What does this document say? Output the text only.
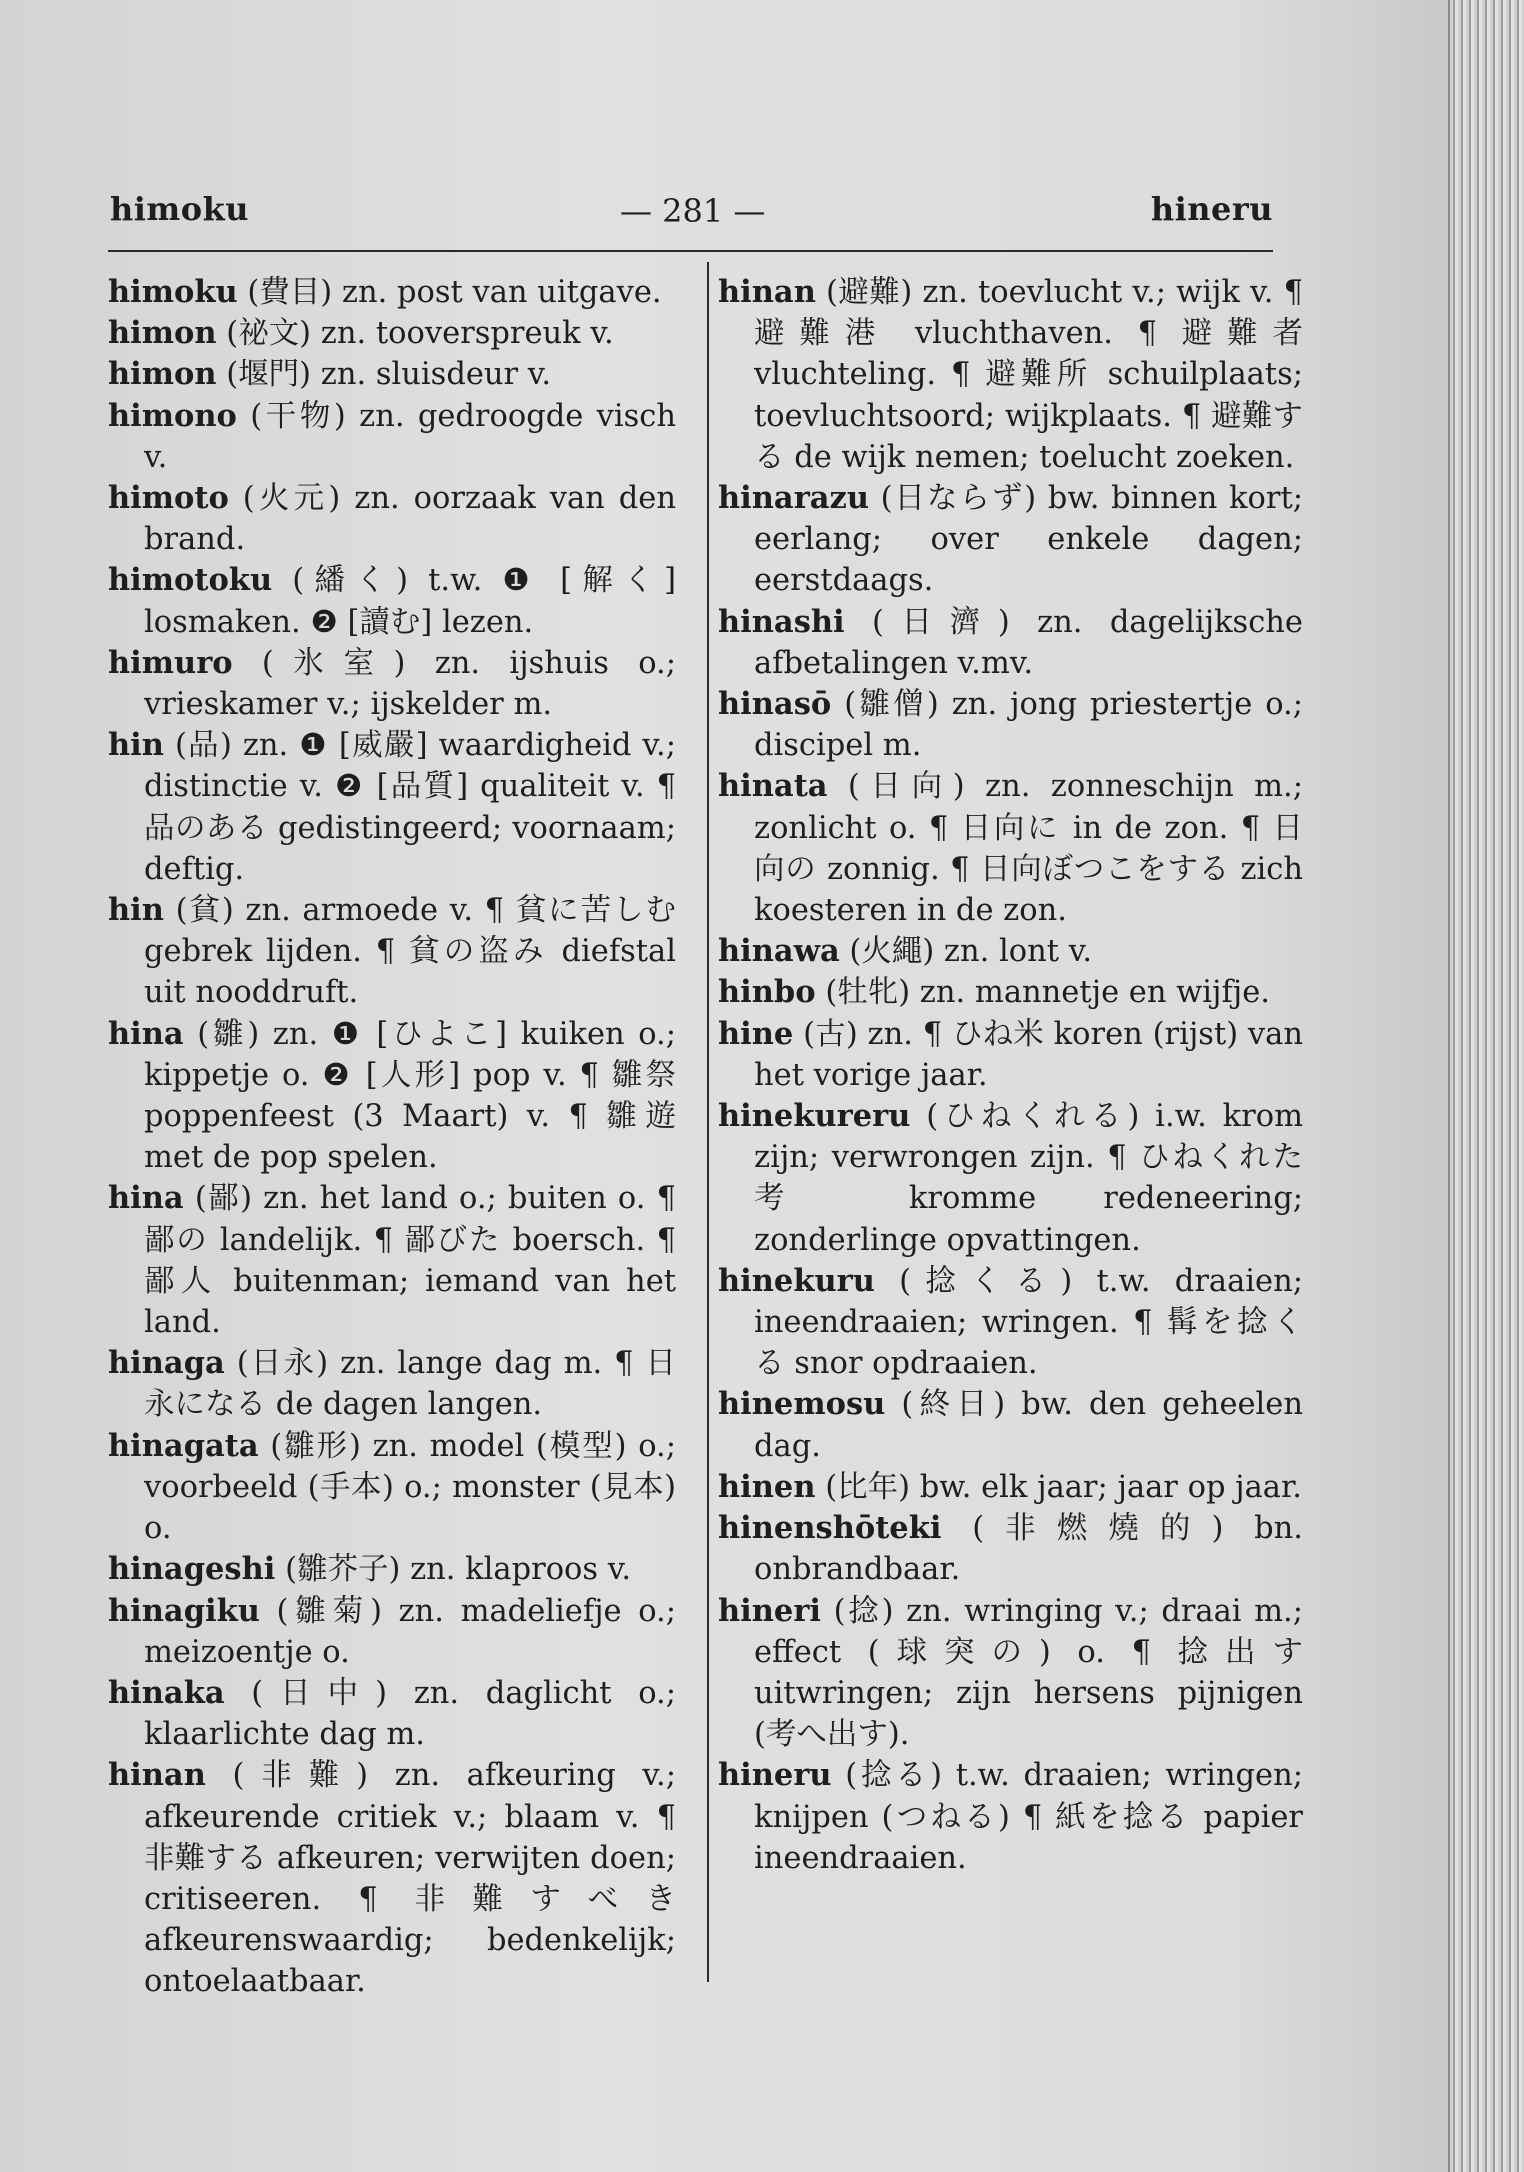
himoku	— 281 —	hineru

himoku (費目) zn. post van uitgave.

himon (祕文) zn. tooverspreuk v.

himon (堰門) zn. sluisdeur v.

himono (干物) zn. gedroogde visch v.

himoto (火元) zn. oorzaak van den brand.

himotoku (繙く) t.w. ❶ [解く] losmaken. ❷ [讀む] lezen.

himuro (氷室) zn. ijshuis o.; vrieskamer v.; ijskelder m.

hin (品) zn. ❶ [威嚴] waardigheid v.; distinctie v. ❷ [品質] qualiteit v. ¶ 品のある gedistingeerd; voornaam; deftig.

hin (貧) zn. armoede v. ¶ 貧に苦しむ gebrek lijden. ¶ 貧の盗み diefstal uit nooddruft.

hina (雛) zn. ❶ [ひよこ] kuiken o.; kippetje o. ❷ [人形] pop v. ¶ 雛祭 poppenfeest (3 Maart) v. ¶ 雛遊 met de pop spelen.

hina (鄙) zn. het land o.; buiten o. ¶ 鄙の landelijk. ¶ 鄙びた boersch. ¶ 鄙人 buitenman; iemand van het land.

hinaga (日永) zn. lange dag m. ¶ 日永になる de dagen langen.

hinagata (雛形) zn. model (模型) o.; voorbeeld (手本) o.; monster (見本) o.

hinageshi (雛芥子) zn. klaproos v.

hinagiku (雛菊) zn. madeliefje o.; meizoentje o.

hinaka (日中) zn. daglicht o.; klaarlichte dag m.

hinan (非難) zn. afkeuring v.; afkeurende critiek v.; blaam v. ¶ 非難する afkeuren; verwijten doen; critiseeren. ¶ 非難すべき afkeurenswaardig; bedenkelijk; ontoelaatbaar.

hinan (避難) zn. toevlucht v.; wijk v. ¶ 避難港 vluchthaven. ¶ 避難者 vluchteling. ¶ 避難所 schuilplaats; toevluchtsoord; wijkplaats. ¶ 避難する de wijk nemen; toelucht zoeken.

hinarazu (日ならず) bw. binnen kort; eerlang; over enkele dagen; eerstdaags.

hinashi (日濟) zn. dagelijksche afbetalingen v.mv.

hinasō (雛僧) zn. jong priestertje o.; discipel m.

hinata (日向) zn. zonneschijn m.; zonlicht o. ¶ 日向に in de zon. ¶ 日向の zonnig. ¶ 日向ぼつこをする zich koesteren in de zon.

hinawa (火繩) zn. lont v.

hinbo (牡牝) zn. mannetje en wijfje.

hine (古) zn. ¶ ひね米 koren (rijst) van het vorige jaar.

hinekureru (ひねくれる) i.w. krom zijn; verwrongen zijn. ¶ ひねくれた考 kromme redeneering; zonderlinge opvattingen.

hinekuru (捻くる) t.w. draaien; ineendraaien; wringen. ¶ 髯を捻くる snor opdraaien.

hinemosu (終日) bw. den geheelen dag.

hinen (比年) bw. elk jaar; jaar op jaar.

hinenshōteki (非燃燒的) bn. onbrandbaar.

hineri (捻) zn. wringing v.; draai m.; effect (球突の) o. ¶ 捻出す uitwringen; zijn hersens pijnigen (考へ出す).

hineru (捻る) t.w. draaien; wringen; knijpen (つねる) ¶ 紙を捻る papier ineendraaien.
